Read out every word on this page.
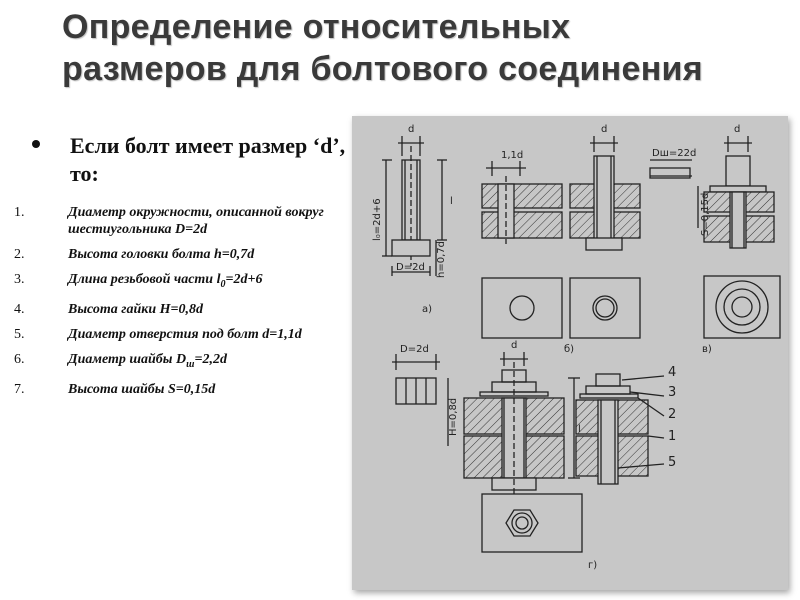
Определение относительных размеров для болтового соединения
Если болт имеет размер ‘d’, то:
1.	Диаметр окружности, описанной вокруг шестиугольника D=2d
2.	Высота головки болта h=0,7d
3.	Длина резьбовой части $l_0=2d+6$
4.	Высота гайки H=0,8d
5.	Диаметр отверстия под болт d=1,1d
6.	Диаметр шайбы $D_ш=2,2d$
7.	Высота шайбы S=0,15d
d
1,1d
d
Dш=22d
d
l₀=2d+6	l
D=2d h=0,7d
S=0,15d
D=2d
H=0,8d
d
l
а)
б)	в)
г)
4
3
2
1
5
